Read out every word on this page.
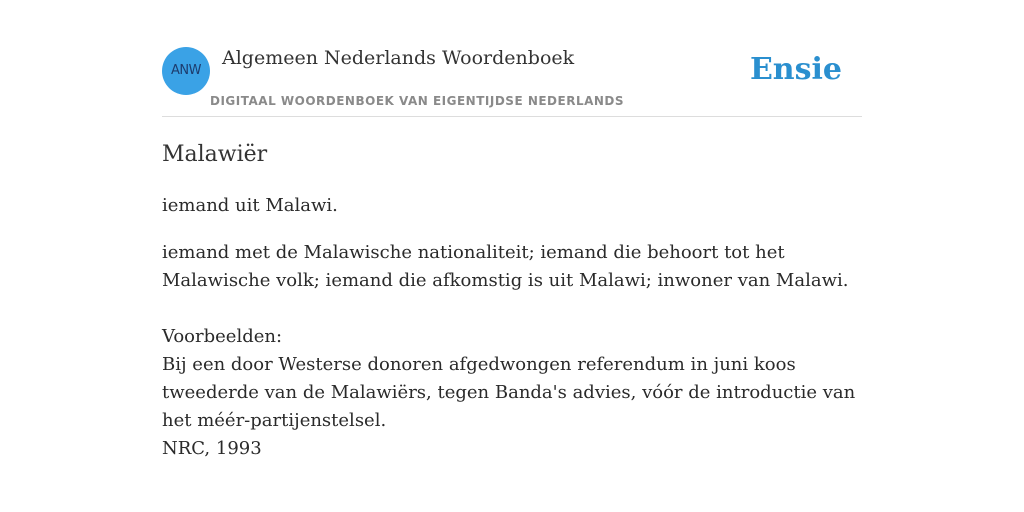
ANW
Algemeen Nederlands Woordenboek
DIGITAAL WOORDENBOEK VAN EIGENTIJDSE NEDERLANDS
Ensie
Malawiër

iemand uit Malawi.

iemand met de Malawische nationaliteit; iemand die behoort tot het Malawische volk; iemand die afkomstig is uit Malawi; inwoner van Malawi.

Voorbeelden:

Bij een door Westerse donoren afgedwongen referendum in juni koos tweederde van de Malawiërs, tegen Banda's advies, vóór de introductie van het méér-partijenstelsel.

NRC, 1993
